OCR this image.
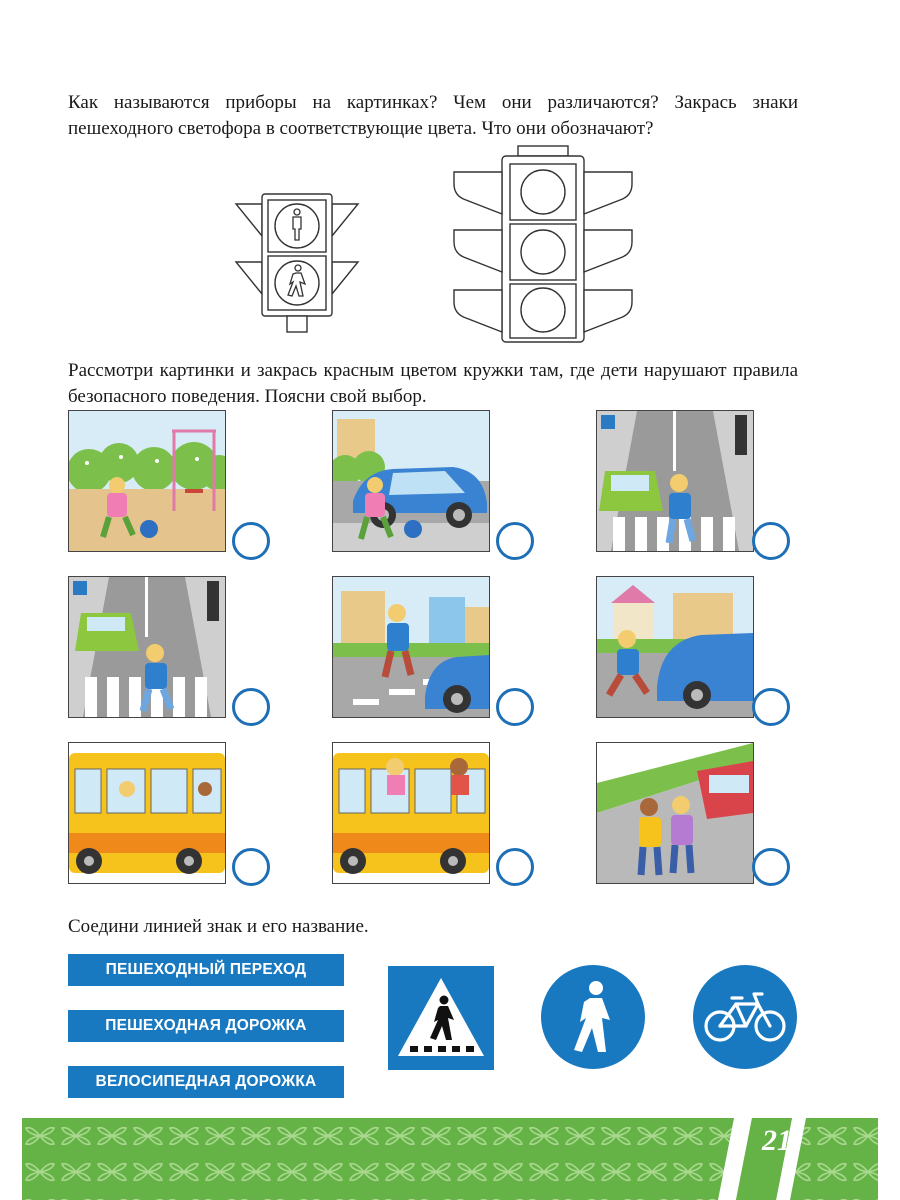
Как называются приборы на картинках? Чем они различаются? Закрась знаки пешеходного светофора в соответствующие цвета. Что они обозначают?

Рассмотри картинки и закрась красным цветом кружки там, где дети нарушают правила безопасного поведения. Поясни свой выбор.

Соедини линией знак и его название.

ПЕШЕХОДНЫЙ ПЕРЕХОД
ПЕШЕХОДНАЯ ДОРОЖКА
ВЕЛОСИПЕДНАЯ ДОРОЖКА
21
